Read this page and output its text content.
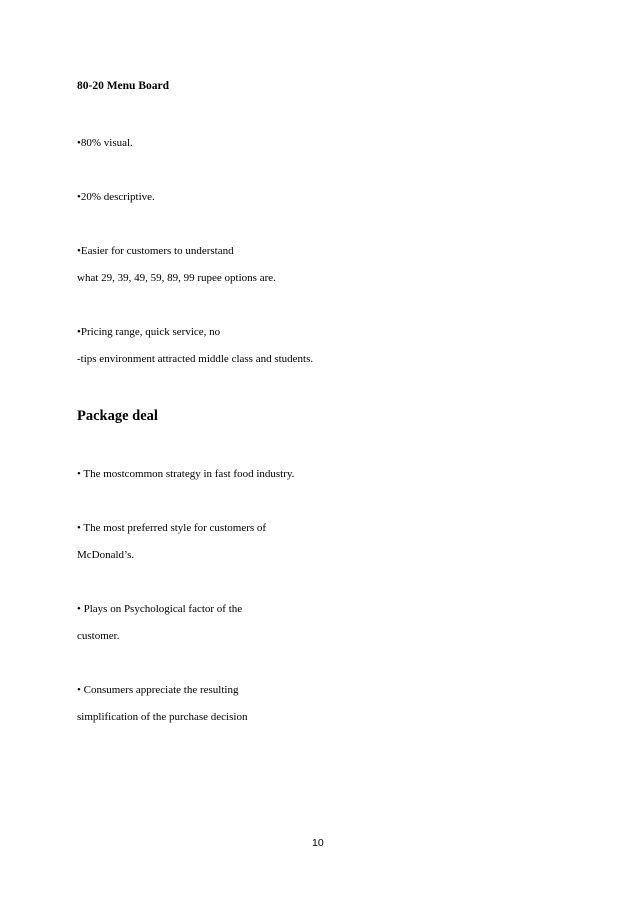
80-20 Menu Board
•80% visual.
•20% descriptive.
•Easier for customers to understand
what 29, 39, 49, 59, 89, 99 rupee options are.
•Pricing range, quick service, no
-tips environment attracted middle class and students.
Package deal
• The mostcommon strategy in fast food industry.
• The most preferred style for customers of
McDonald’s.
• Plays on Psychological factor of the
customer.
• Consumers appreciate the resulting
simplification of the purchase decision
10
